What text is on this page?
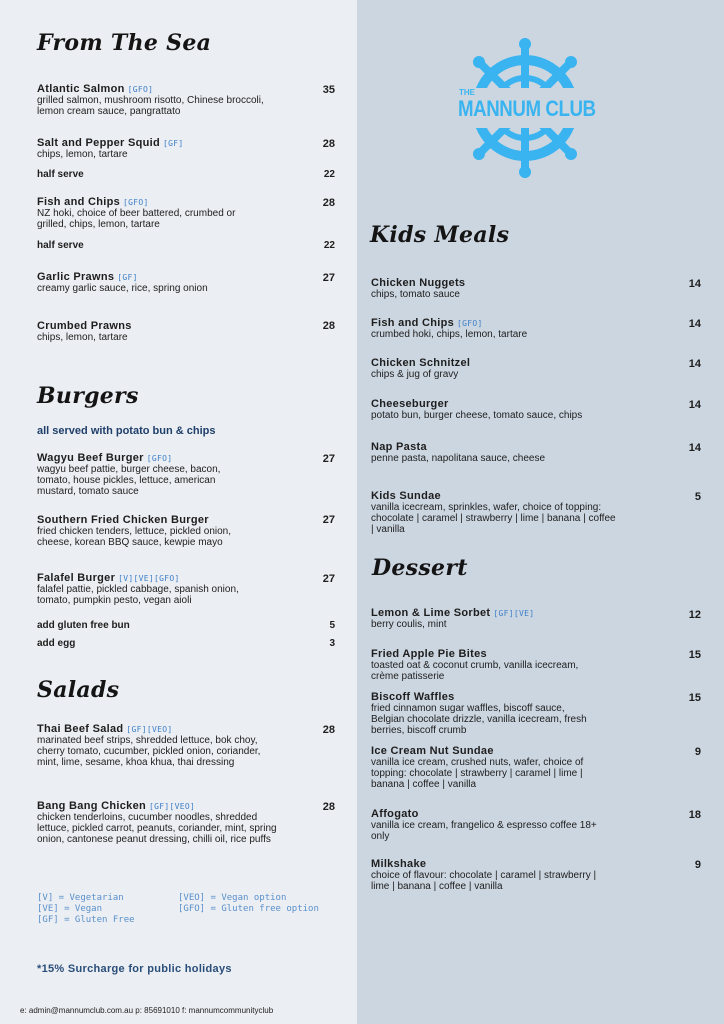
From The Sea
Atlantic Salmon [GFO]
grilled salmon, mushroom risotto, Chinese broccoli, lemon cream sauce, pangrattato
35
Salt and Pepper Squid [GF]
chips, lemon, tartare
28
half serve	22
Fish and Chips [GFO]
NZ hoki, choice of beer battered, crumbed or grilled, chips, lemon, tartare
28
half serve	22
Garlic Prawns [GF]
creamy garlic sauce, rice, spring onion
27
Crumbed Prawns
chips, lemon, tartare
28
Burgers
all served with potato bun & chips
Wagyu Beef Burger [GFO]
wagyu beef pattie, burger cheese, bacon, tomato, house pickles, lettuce, american mustard, tomato sauce
27
Southern Fried Chicken Burger
fried chicken tenders, lettuce, pickled onion, cheese, korean BBQ sauce, kewpie mayo
27
Falafel Burger [V][VE][GFO]
falafel pattie, pickled cabbage, spanish onion, tomato, pumpkin pesto, vegan aioli
27
add gluten free bun	5
add egg	3
Salads
Thai Beef Salad [GF][VEO]
marinated beef strips, shredded lettuce, bok choy, cherry tomato, cucumber, pickled onion, coriander, mint, lime, sesame, khoa khua, thai dressing
28
Bang Bang Chicken [GF][VEO]
chicken tenderloins, cucumber noodles, shredded lettuce, pickled carrot, peanuts, coriander, mint, spring onion, cantonese peanut dressing, chilli oil, rice puffs
28
[V] = Vegetarian
[VE] = Vegan
[GF] = Gluten Free
[VEO] = Vegan option
[GFO] = Gluten free option
*15% Surcharge for public holidays
e: admin@mannumclub.com.au p: 85691010 f: mannumcommunityclub
THE
MANNUM CLUB
Kids Meals
Chicken Nuggets
chips, tomato sauce
14
Fish and Chips [GFO]
crumbed hoki, chips, lemon, tartare
14
Chicken Schnitzel
chips & jug of gravy
14
Cheeseburger
potato bun, burger cheese, tomato sauce, chips
14
Nap Pasta
penne pasta, napolitana sauce, cheese
14
Kids Sundae
vanilla icecream, sprinkles, wafer, choice of topping: chocolate | caramel | strawberry | lime | banana | coffee | vanilla
5
Dessert
Lemon & Lime Sorbet [GF][VE]
berry coulis, mint
12
Fried Apple Pie Bites
toasted oat & coconut crumb, vanilla icecream, crème patisserie
15
Biscoff Waffles
fried cinnamon sugar waffles, biscoff sauce, Belgian chocolate drizzle, vanilla icecream, fresh berries, biscoff crumb
15
Ice Cream Nut Sundae
vanilla ice cream, crushed nuts, wafer, choice of topping: chocolate | strawberry | caramel | lime | banana | coffee | vanilla
9
Affogato
vanilla ice cream, frangelico & espresso coffee 18+ only
18
Milkshake
choice of flavour: chocolate | caramel | strawberry | lime | banana | coffee | vanilla
9
